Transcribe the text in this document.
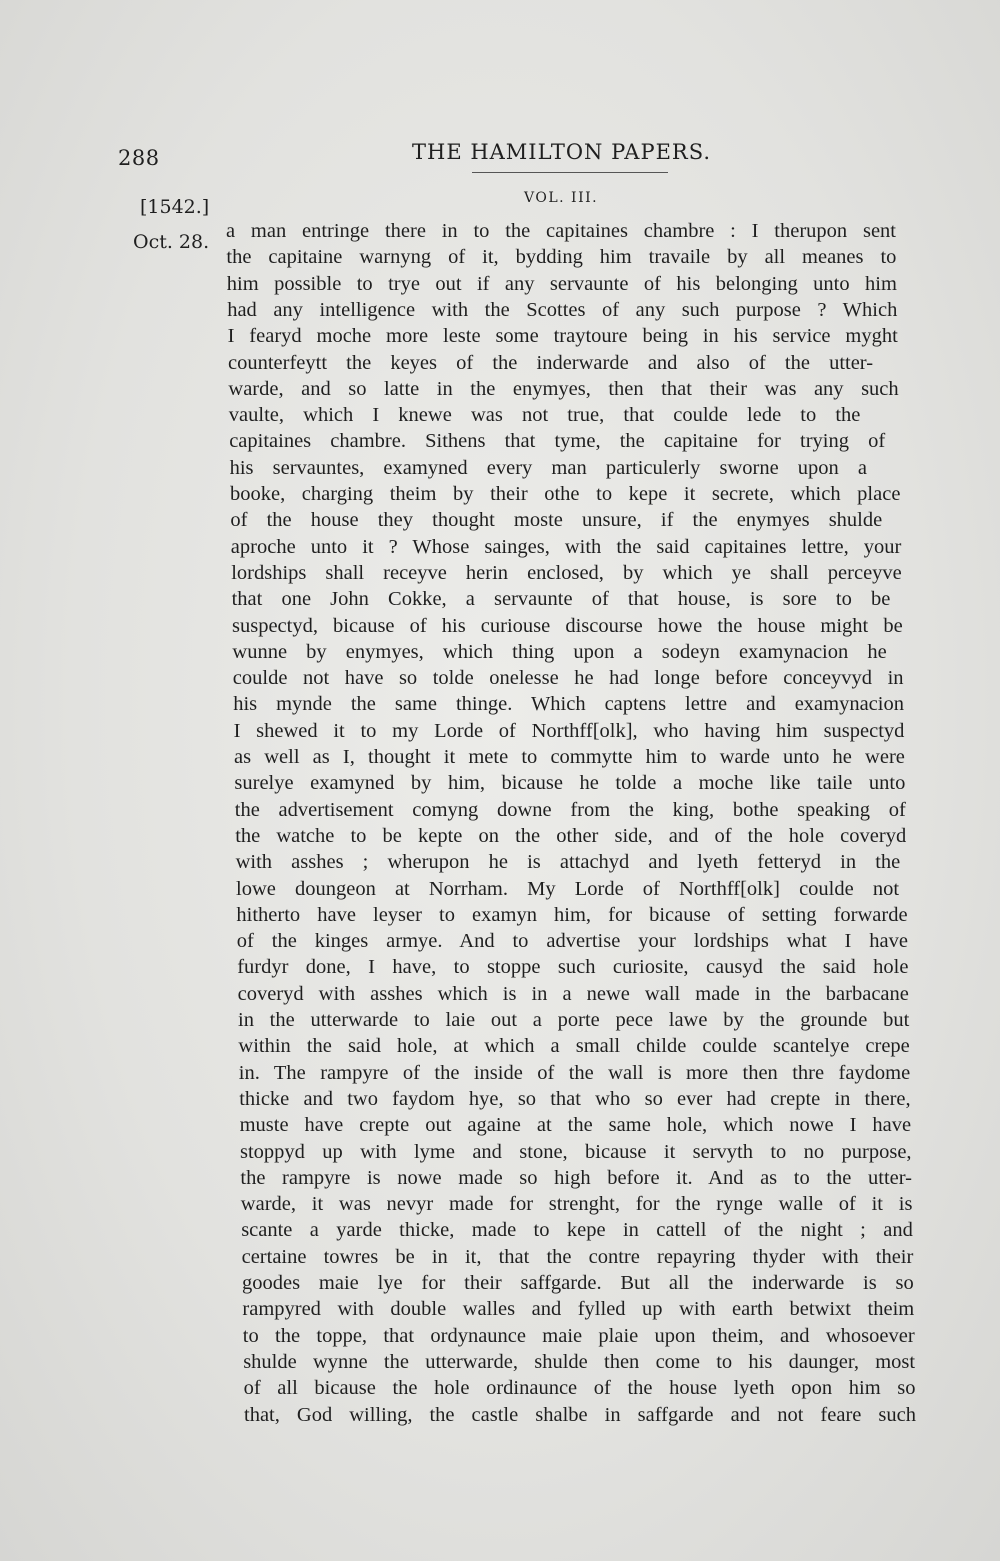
288	THE HAMILTON PAPERS.
[1542.]	VOL. III.
Oct. 28. a man entringe there in to the capitaines chambre : I therupon sent
the capitaine warnyng of it, bydding him travaile by all meanes to
him possible to trye out if any servaunte of his belonging unto him
had any intelligence with the Scottes of any such purpose ? Which
I fearyd moche more leste some traytoure being in his service myght
counterfeytt the keyes of the inderwarde and also of the utter-
warde, and so latte in the enymyes, then that their was any such
vaulte, which I knewe was not true, that coulde lede to the
capitaines chambre. Sithens that tyme, the capitaine for trying of
his servauntes, examyned every man particulerly sworne upon a
booke, charging theim by their othe to kepe it secrete, which place
of the house they thought moste unsure, if the enymyes shulde
aproche unto it ? Whose sainges, with the said capitaines lettre, your
lordships shall receyve herin enclosed, by which ye shall perceyve
that one John Cokke, a servaunte of that house, is sore to be
suspectyd, bicause of his curiouse discourse howe the house might be
wunne by enymyes, which thing upon a sodeyn examynacion he
coulde not have so tolde onelesse he had longe before conceyvyd in
his mynde the same thinge. Which captens lettre and examynacion
I shewed it to my Lorde of Northff[olk], who having him suspectyd
as well as I, thought it mete to commytte him to warde unto he were
surelye examyned by him, bicause he tolde a moche like taile unto
the advertisement comyng downe from the king, bothe speaking of
the watche to be kepte on the other side, and of the hole coveryd
with asshes ; wherupon he is attachyd and lyeth fetteryd in the
lowe doungeon at Norrham. My Lorde of Northff[olk] coulde not
hitherto have leyser to examyn him, for bicause of setting forwarde
of the kinges armye. And to advertise your lordships what I have
furdyr done, I have, to stoppe such curiosite, causyd the said hole
coveryd with asshes which is in a newe wall made in the barbacane
in the utterwarde to laie out a porte pece lawe by the grounde but
within the said hole, at which a small childe coulde scantelye crepe
in. The rampyre of the inside of the wall is more then thre faydome
thicke and two faydom hye, so that who so ever had crepte in there,
muste have crepte out againe at the same hole, which nowe I have
stoppyd up with lyme and stone, bicause it servyth to no purpose,
the rampyre is nowe made so high before it. And as to the utter-
warde, it was nevyr made for strenght, for the rynge walle of it is
scante a yarde thicke, made to kepe in cattell of the night ; and
certaine towres be in it, that the contre repayring thyder with their
goodes maie lye for their saffgarde. But all the inderwarde is so
rampyred with double walles and fylled up with earth betwixt theim
to the toppe, that ordynaunce maie plaie upon theim, and whosoever
shulde wynne the utterwarde, shulde then come to his daunger, most
of all bicause the hole ordinaunce of the house lyeth opon him so
that, God willing, the castle shalbe in saffgarde and not feare such
